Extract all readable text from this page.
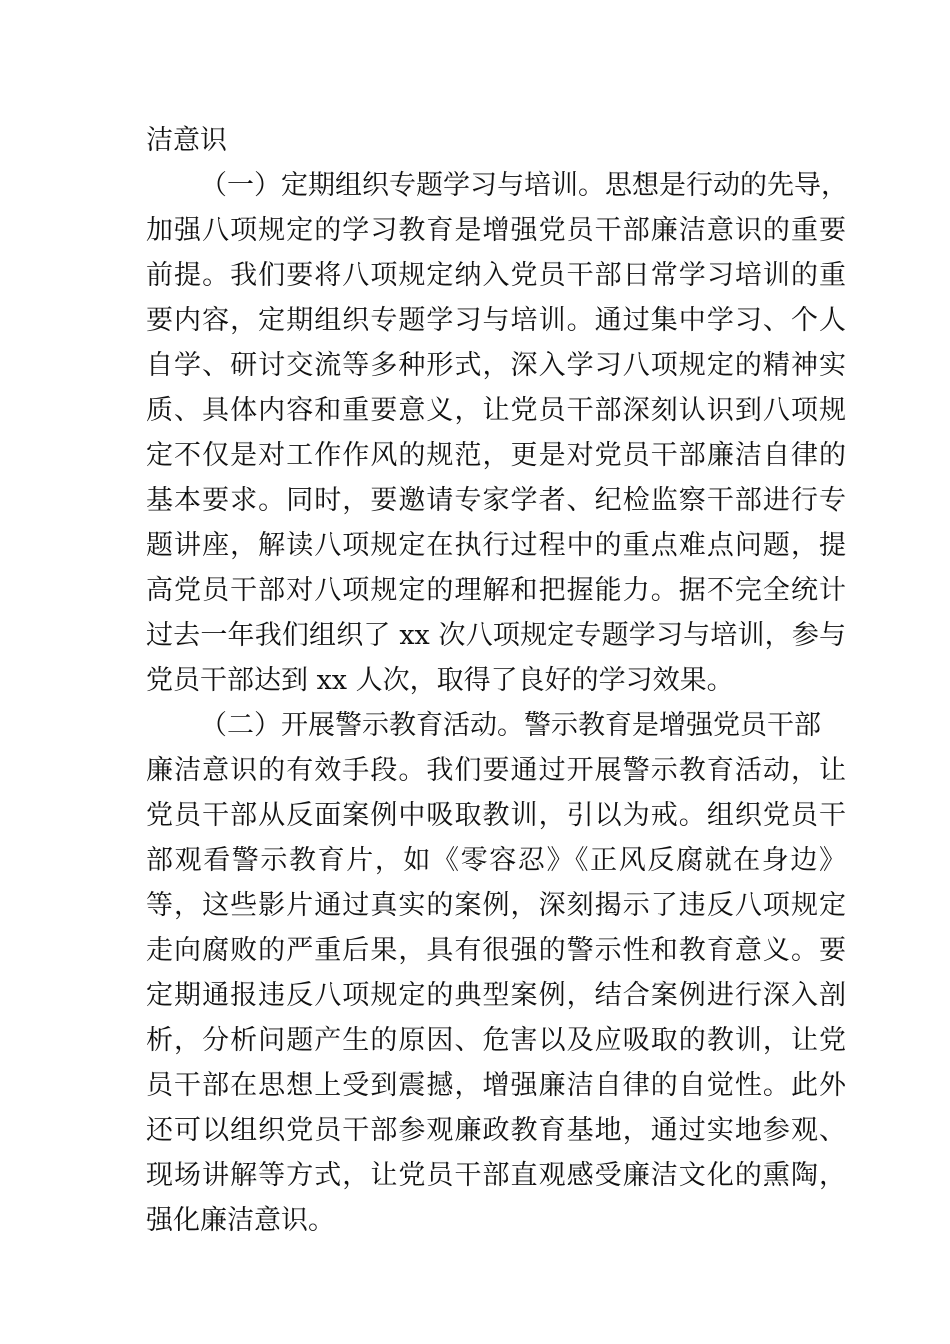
洁意识
（一）定期组织专题学习与培训。思想是行动的先导，
加强八项规定的学习教育是增强党员干部廉洁意识的重要
前提。我们要将八项规定纳入党员干部日常学习培训的重
要内容，定期组织专题学习与培训。通过集中学习、个人
自学、研讨交流等多种形式，深入学习八项规定的精神实
质、具体内容和重要意义，让党员干部深刻认识到八项规
定不仅是对工作作风的规范，更是对党员干部廉洁自律的
基本要求。同时，要邀请专家学者、纪检监察干部进行专
题讲座，解读八项规定在执行过程中的重点难点问题，提
高党员干部对八项规定的理解和把握能力。据不完全统计
过去一年我们组织了 xx 次八项规定专题学习与培训，参与
党员干部达到 xx 人次，取得了良好的学习效果。
（二）开展警示教育活动。警示教育是增强党员干部
廉洁意识的有效手段。我们要通过开展警示教育活动，让
党员干部从反面案例中吸取教训，引以为戒。组织党员干
部观看警示教育片，如《零容忍》《正风反腐就在身边》
等，这些影片通过真实的案例，深刻揭示了违反八项规定
走向腐败的严重后果，具有很强的警示性和教育意义。要
定期通报违反八项规定的典型案例，结合案例进行深入剖
析，分析问题产生的原因、危害以及应吸取的教训，让党
员干部在思想上受到震撼，增强廉洁自律的自觉性。此外
还可以组织党员干部参观廉政教育基地，通过实地参观、
现场讲解等方式，让党员干部直观感受廉洁文化的熏陶，
强化廉洁意识。
